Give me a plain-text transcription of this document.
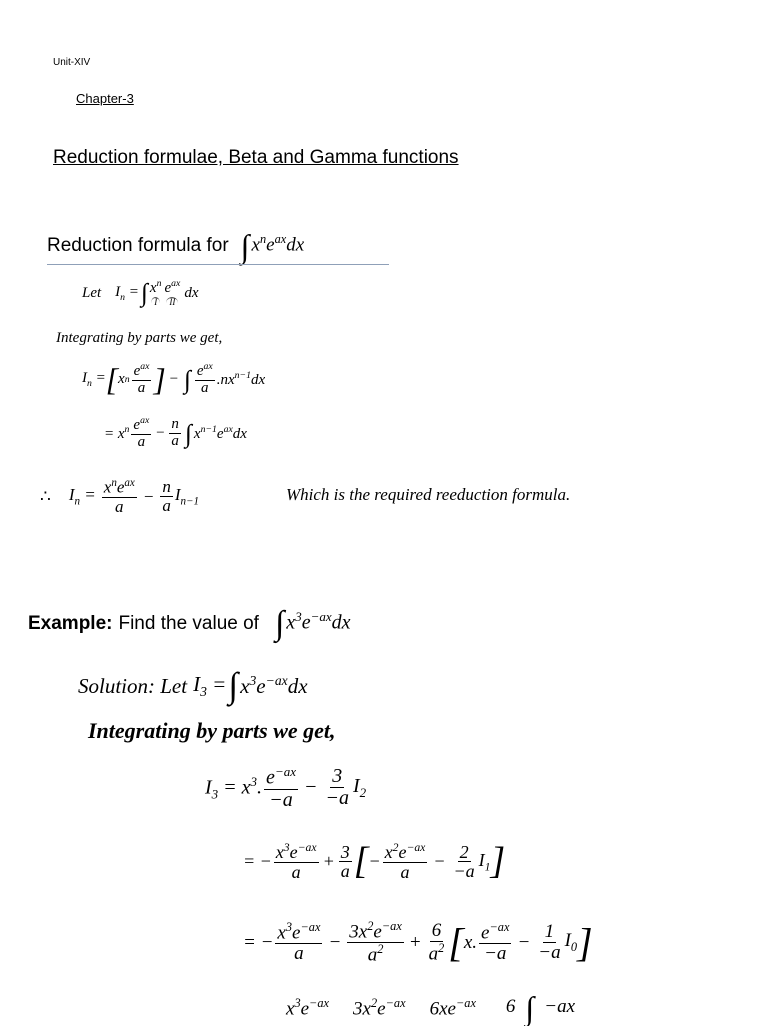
Unit-XIV
Chapter-3
Reduction formulae, Beta and Gamma functions
Reduction formula for ∫ $x^ne^{ax}dx$
Let $I_n$ = ∫ $x^n$
I
$e^{ax}$
II
dx
Integrating by parts we get,
$I_n$ = [ x n $\frac{e^{ax}}{a}$ ] − ∫ $\frac{e^{ax}}{a} .nx^{n-1}dx$
= $x^n \frac{e^{ax}}{a} - \frac{n}{a}$ ∫ $x^{n-1}e^{ax}dx$
∴ $I_n = \frac{x^ne^{ax}}{a} - \frac{n}{a} I_{n-1}$	Which is the required reeduction formula.
Example: Find the value of ∫ $x^3e^{-ax}dx$
Solution: Let $I_3$ = ∫ $x^3e^{-ax}dx$
Integrating by parts we get,
$I_3 = x^3$. $\frac{e^{-ax}}{-a} - \frac{3}{-a} I_2$
= − $\frac{x^3e^{-ax}}{a} + \frac{3}{a}$ [ − $\frac{x^2e^{-ax}}{a} - \frac{2}{-a} I_1$ ]
= − $\frac{x^3e^{-ax}}{a} - \frac{3x^2e^{-ax}}{a^2} + \frac{6}{a^2}$ [ x. $\frac{e^{-ax}}{-a} - \frac{1}{-a} I_0$ ]
$x^3e^{-ax}$ $3x^2e^{-ax}$ $6xe^{-ax}$ 6 ∫ −ax
